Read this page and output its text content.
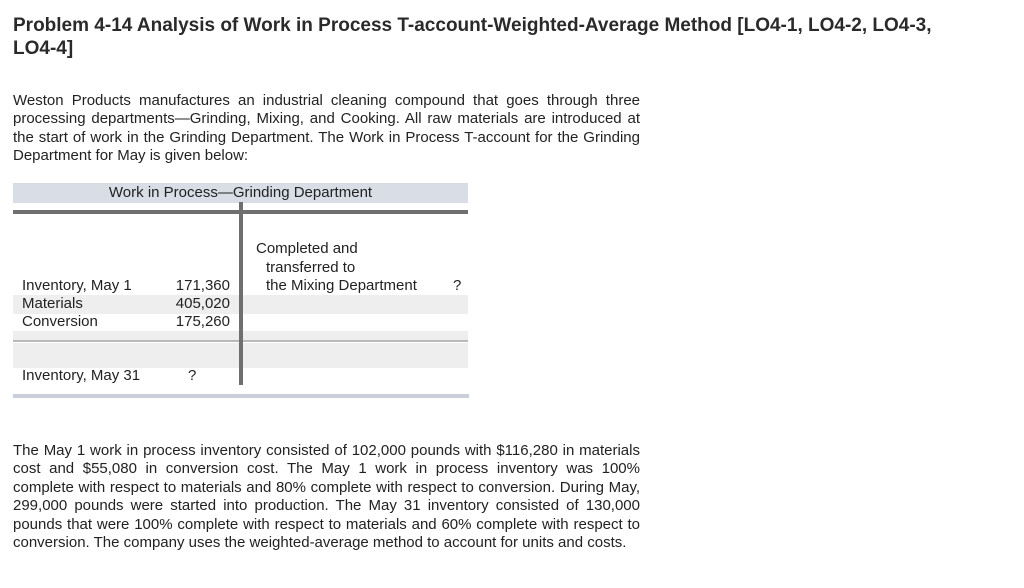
Problem 4-14 Analysis of Work in Process T-account-Weighted-Average Method [LO4-1, LO4-2, LO4-3, LO4-4]

Weston Products manufactures an industrial cleaning compound that goes through three processing departments—Grinding, Mixing, and Cooking. All raw materials are introduced at the start of work in the Grinding Department. The Work in Process T-account for the Grinding Department for May is given below:

Work in Process—Grinding Department
Inventory, May 1	171,360
Materials	405,020
Conversion	175,260
Inventory, May 31	?
Completed and
transferred to
the Mixing Department ?

The May 1 work in process inventory consisted of 102,000 pounds with $116,280 in materials cost and $55,080 in conversion cost. The May 1 work in process inventory was 100% complete with respect to materials and 80% complete with respect to conversion. During May, 299,000 pounds were started into production. The May 31 inventory consisted of 130,000 pounds that were 100% complete with respect to materials and 60% complete with respect to conversion. The company uses the weighted-average method to account for units and costs.
